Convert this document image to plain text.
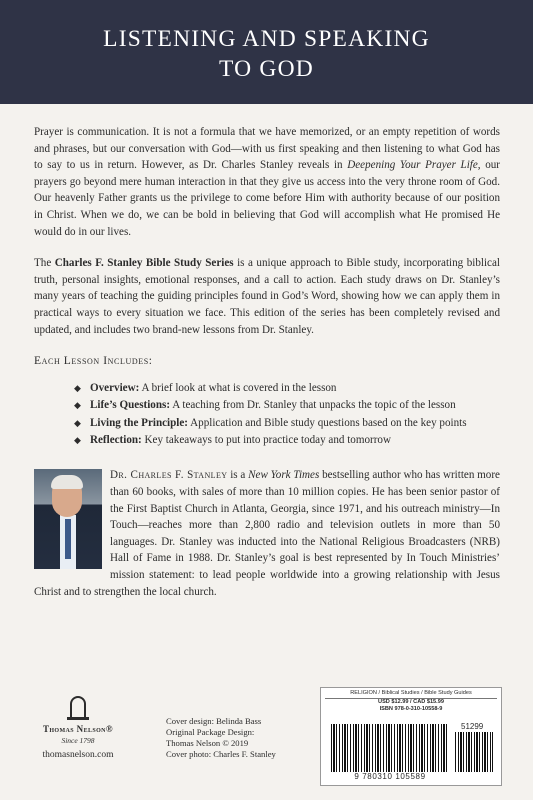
LISTENING AND SPEAKING
TO GOD

Prayer is communication. It is not a formula that we have memorized, or an empty repetition of words and phrases, but our conversation with God—with us first speaking and then listening to what God has to say to us in return. However, as Dr. Charles Stanley reveals in Deepening Your Prayer Life, our prayers go beyond mere human interaction in that they give us access into the very throne room of God. Our heavenly Father grants us the privilege to come before Him with authority because of our position in Christ. When we do, we can be bold in believing that God will accomplish what He promised He would do in our lives.

The Charles F. Stanley Bible Study Series is a unique approach to Bible study, incorporating biblical truth, personal insights, emotional responses, and a call to action. Each study draws on Dr. Stanley’s many years of teaching the guiding principles found in God’s Word, showing how we can apply them in practical ways to every situation we face. This edition of the series has been completely revised and updated, and includes two brand-new lessons from Dr. Stanley.

Each Lesson Includes:
◆ Overview: A brief look at what is covered in the lesson
◆ Life’s Questions: A teaching from Dr. Stanley that unpacks the topic of the lesson
◆ Living the Principle: Application and Bible study questions based on the key points
◆ Reflection: Key takeaways to put into practice today and tomorrow

Dr. Charles F. Stanley is a New York Times bestselling author who has written more than 60 books, with sales of more than 10 million copies. He has been senior pastor of the First Baptist Church in Atlanta, Georgia, since 1971, and his outreach ministry—In Touch—reaches more than 2,800 radio and television outlets in more than 50 languages. Dr. Stanley was inducted into the National Religious Broadcasters (NRB) Hall of Fame in 1988. Dr. Stanley’s goal is best represented by In Touch Ministries’ mission statement: to lead people worldwide into a growing relationship with Jesus Christ and to strengthen the local church.

Thomas Nelson®
Since 1798
thomasnelson.com
Cover design: Belinda Bass
Original Package Design:
Thomas Nelson © 2019
Cover photo: Charles F. Stanley
RELIGION / Biblical Studies / Bible Study Guides
USD $12.99 / CAD $15.99
ISBN 978-0-310-10558-9
51299
9 780310 105589
